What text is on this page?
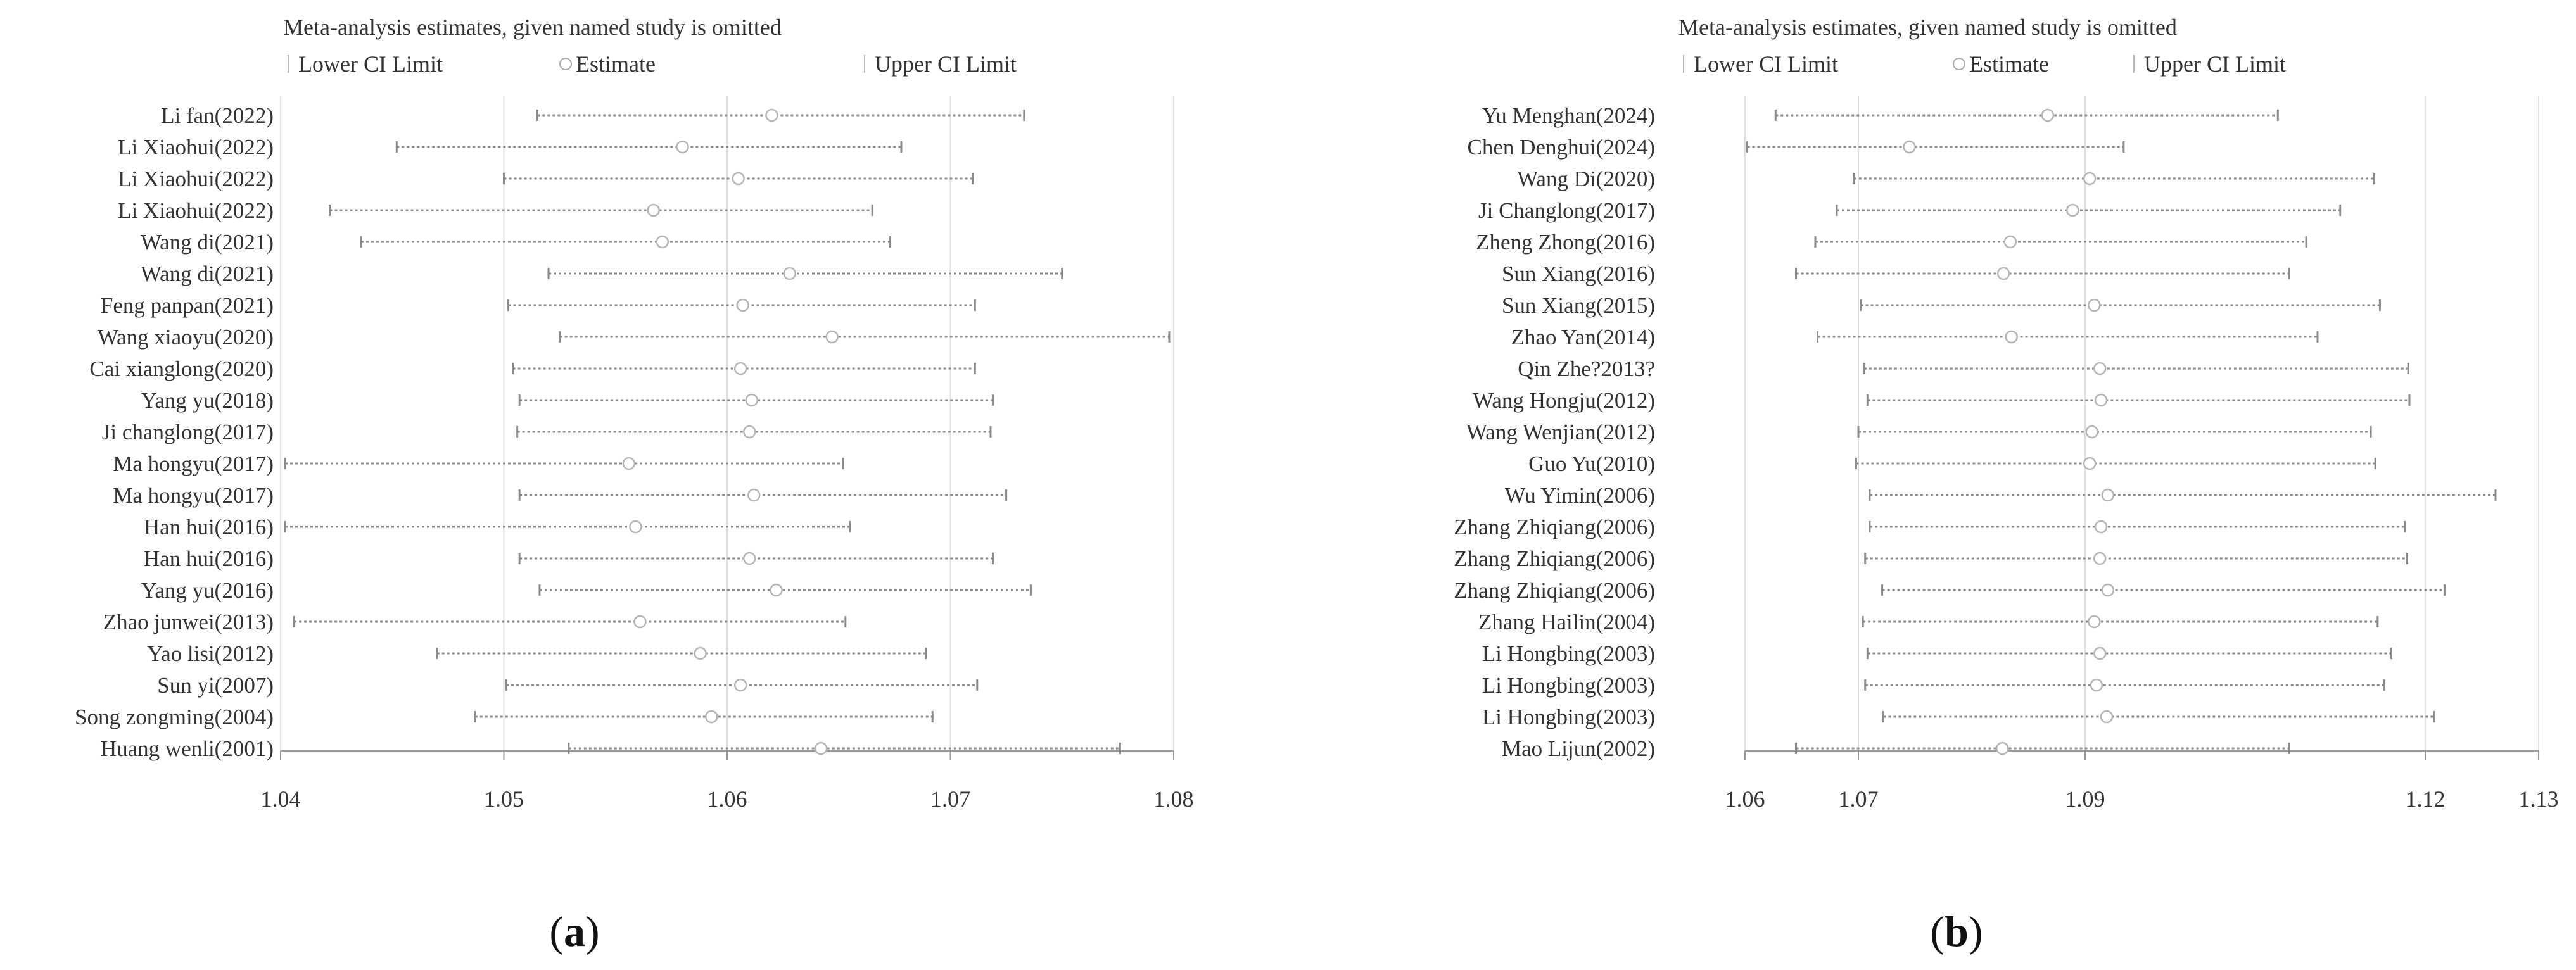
Meta-analysis estimates, given named study is omitted
Lower CI Limit	Estimate	Upper CI Limit
1.04	1.05	1.06	1.07	1.08
Li fan(2022)
Li Xiaohui(2022)
Li Xiaohui(2022)
Li Xiaohui(2022)
Wang di(2021)
Wang di(2021)
Feng panpan(2021)
Wang xiaoyu(2020)
Cai xianglong(2020)
Yang yu(2018)
Ji changlong(2017)
Ma hongyu(2017)
Ma hongyu(2017)
Han hui(2016)
Han hui(2016)
Yang yu(2016)
Zhao junwei(2013)
Yao lisi(2012)
Sun yi(2007)
Song zongming(2004)
Huang wenli(2001)
Meta-analysis estimates, given named study is omitted
Lower CI Limit	Estimate	Upper CI Limit
1.06	1.07	1.09	1.12	1.13
Yu Menghan(2024)
Chen Denghui(2024)
Wang Di(2020)
Ji Changlong(2017)
Zheng Zhong(2016)
Sun Xiang(2016)
Sun Xiang(2015)
Zhao Yan(2014)
Qin Zhe?2013?
Wang Hongju(2012)
Wang Wenjian(2012)
Guo Yu(2010)
Wu Yimin(2006)
Zhang Zhiqiang(2006)
Zhang Zhiqiang(2006)
Zhang Zhiqiang(2006)
Zhang Hailin(2004)
Li Hongbing(2003)
Li Hongbing(2003)
Li Hongbing(2003)
Mao Lijun(2002)
(a)	(b)
